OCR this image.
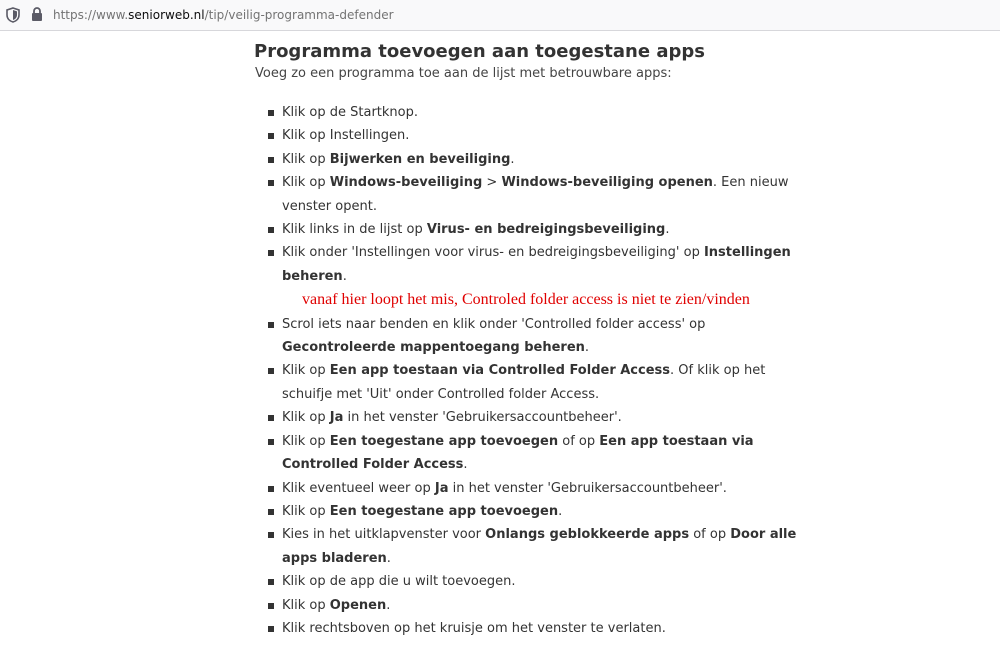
https://www.seniorweb.nl/tip/veilig-programma-defender
Programma toevoegen aan toegestane apps

Voeg zo een programma toe aan de lijst met betrouwbare apps:

Klik op de Startknop.
Klik op Instellingen.
Klik op Bijwerken en beveiliging.
Klik op Windows-beveiliging > Windows-beveiliging openen. Een nieuw venster opent.
Klik links in de lijst op Virus- en bedreigingsbeveiliging.
Klik onder 'Instellingen voor virus- en bedreigingsbeveiliging' op Instellingen beheren.vanaf hier loopt het mis, Controled folder access is niet te zien/vinden
Scrol iets naar benden en klik onder 'Controlled folder access' op Gecontroleerde mappentoegang beheren.
Klik op Een app toestaan via Controlled Folder Access. Of klik op het schuifje met 'Uit' onder Controlled folder Access.
Klik op Ja in het venster 'Gebruikersaccountbeheer'.
Klik op Een toegestane app toevoegen of op Een app toestaan via Controlled Folder Access.
Klik eventueel weer op Ja in het venster 'Gebruikersaccountbeheer'.
Klik op Een toegestane app toevoegen.
Kies in het uitklapvenster voor Onlangs geblokkeerde apps of op Door alle apps bladeren.
Klik op de app die u wilt toevoegen.
Klik op Openen.
Klik rechtsboven op het kruisje om het venster te verlaten.
